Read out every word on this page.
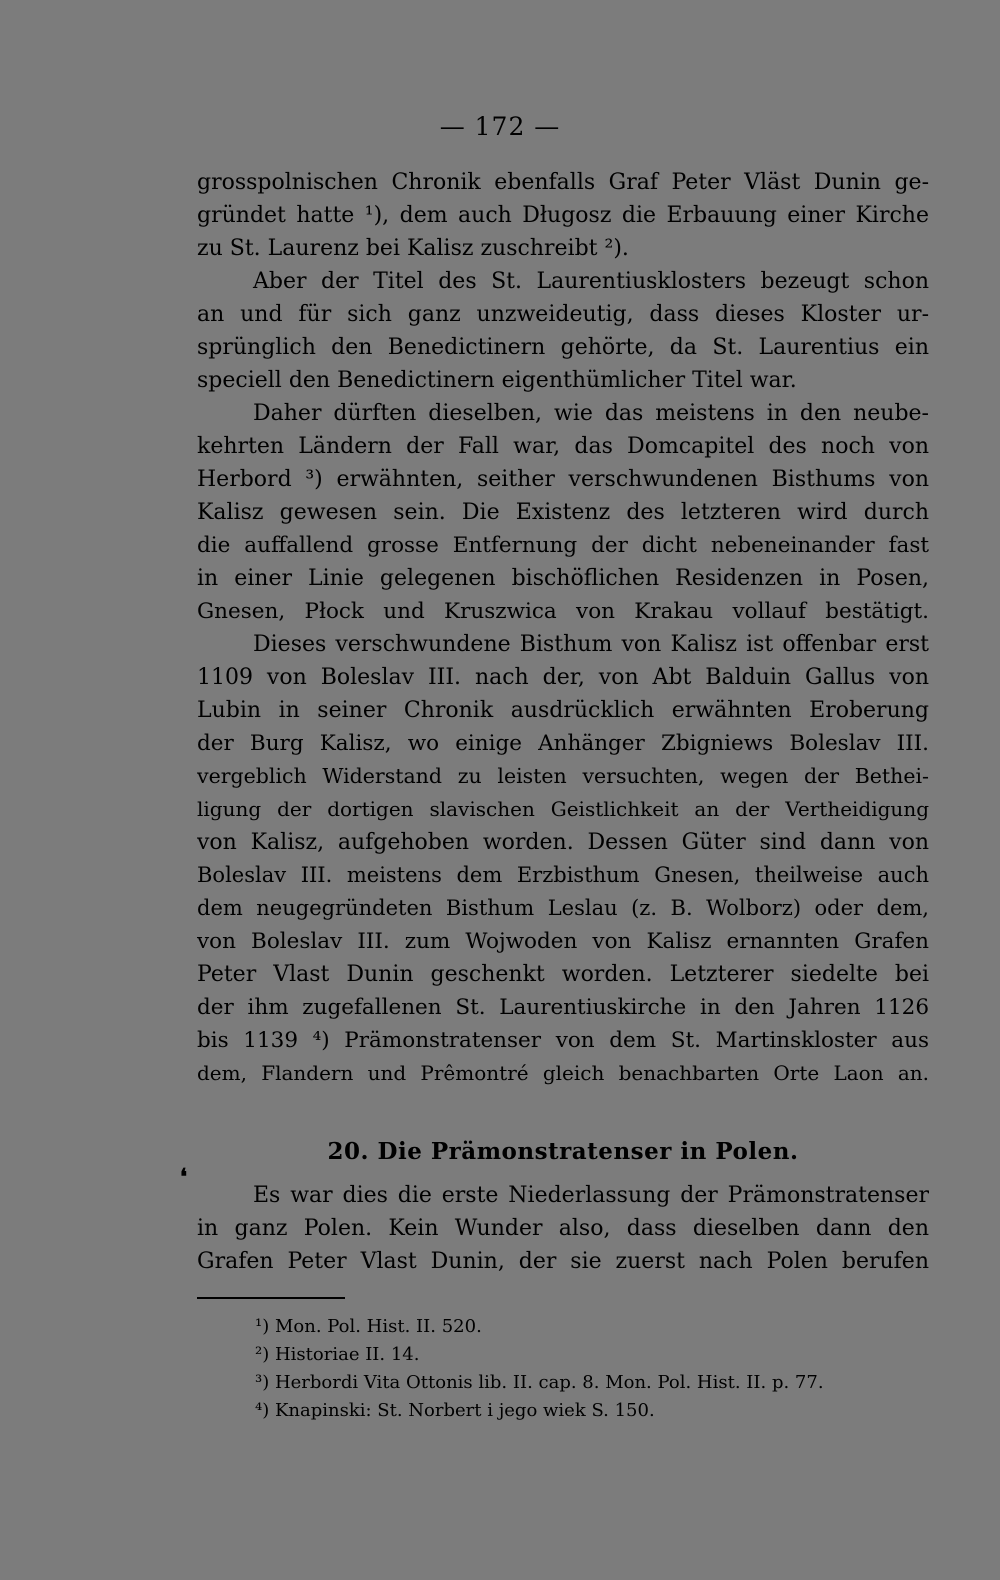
— 172 —
grosspolnischen Chronik ebenfalls Graf Peter Vläst Dunin ge-
gründet hatte ¹), dem auch Długosz die Erbauung einer Kirche
zu St. Laurenz bei Kalisz zuschreibt ²).
Aber der Titel des St. Laurentiusklosters bezeugt schon
an und für sich ganz unzweideutig, dass dieses Kloster ur-
sprünglich den Benedictinern gehörte, da St. Laurentius ein
speciell den Benedictinern eigenthümlicher Titel war.
Daher dürften dieselben, wie das meistens in den neube-
kehrten Ländern der Fall war, das Domcapitel des noch von
Herbord ³) erwähnten, seither verschwundenen Bisthums von
Kalisz gewesen sein. Die Existenz des letzteren wird durch
die auffallend grosse Entfernung der dicht nebeneinander fast
in einer Linie gelegenen bischöflichen Residenzen in Posen,
Gnesen, Płock und Kruszwica von Krakau vollauf bestätigt.
Dieses verschwundene Bisthum von Kalisz ist offenbar erst
1109 von Boleslav III. nach der, von Abt Balduin Gallus von
Lubin in seiner Chronik ausdrücklich erwähnten Eroberung
der Burg Kalisz, wo einige Anhänger Zbigniews Boleslav III.
vergeblich Widerstand zu leisten versuchten, wegen der Bethei-
ligung der dortigen slavischen Geistlichkeit an der Vertheidigung
von Kalisz, aufgehoben worden. Dessen Güter sind dann von
Boleslav III. meistens dem Erzbisthum Gnesen, theilweise auch
dem neugegründeten Bisthum Leslau (z. B. Wolborz) oder dem,
von Boleslav III. zum Wojwoden von Kalisz ernannten Grafen
Peter Vlast Dunin geschenkt worden. Letzterer siedelte bei
der ihm zugefallenen St. Laurentiuskirche in den Jahren 1126
bis 1139 ⁴) Prämonstratenser von dem St. Martinskloster aus
dem, Flandern und Prêmontré gleich benachbarten Orte Laon an.
20. Die Prämonstratenser in Polen.
❛
Es war dies die erste Niederlassung der Prämonstratenser
in ganz Polen. Kein Wunder also, dass dieselben dann den
Grafen Peter Vlast Dunin, der sie zuerst nach Polen berufen
¹) Mon. Pol. Hist. II. 520.
²) Historiae II. 14.
³) Herbordi Vita Ottonis lib. II. cap. 8. Mon. Pol. Hist. II. p. 77.
⁴) Knapinski: St. Norbert i jego wiek S. 150.
